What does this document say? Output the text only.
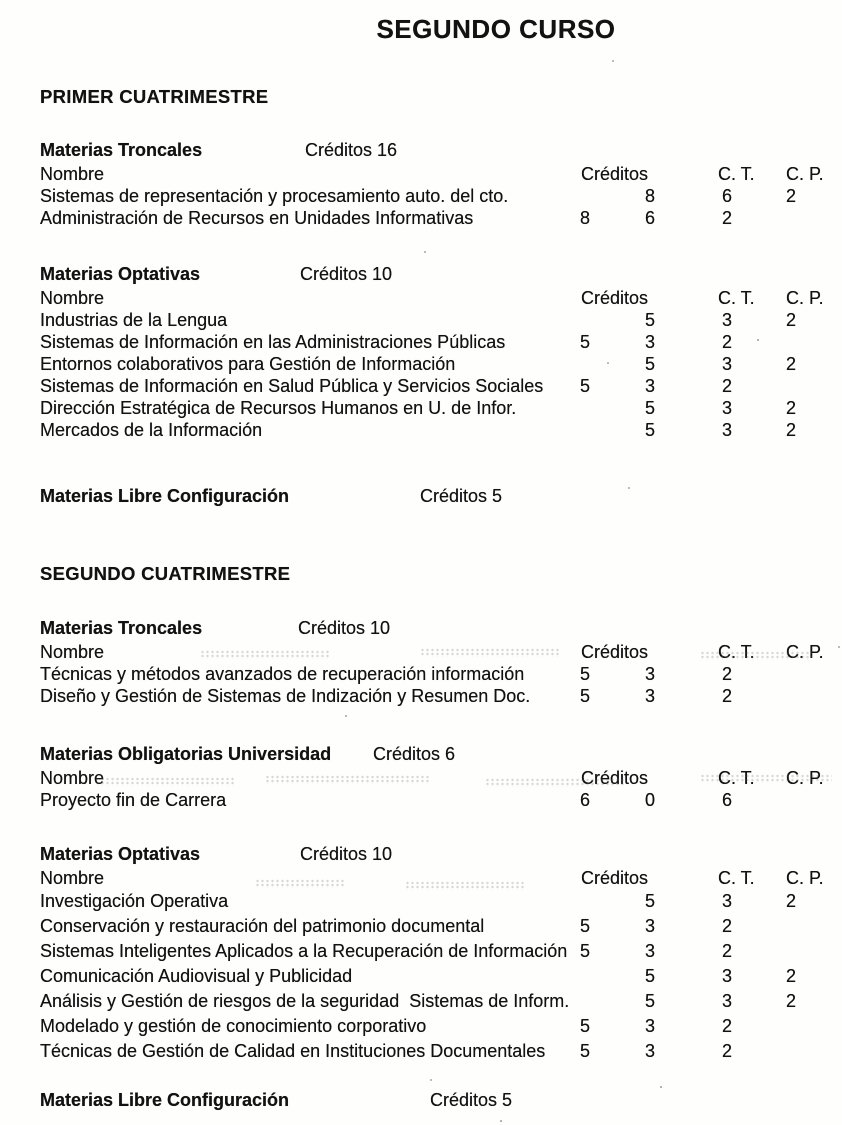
SEGUNDO CURSO
PRIMER CUATRIMESTRE
Materias Troncales	Créditos 16
Nombre	Créditos	C. T. C. P.
Sistemas de representación y procesamiento auto. del cto.	8	6	2
Administración de Recursos en Unidades Informativas	8	6	2
Materias Optativas	Créditos 10
Nombre	Créditos	C. T. C. P.
Industrias de la Lengua	5	3	2
Sistemas de Información en las Administraciones Públicas	5	3	2
Entornos colaborativos para Gestión de Información	5	3	2
Sistemas de Información en Salud Pública y Servicios Sociales 5	3	2
Dirección Estratégica de Recursos Humanos en U. de Infor.	5	3	2
Mercados de la Información	5	3	2
Materias Libre Configuración	Créditos 5
SEGUNDO CUATRIMESTRE
Materias Troncales	Créditos 10
Nombre	Créditos	C. T. C. P.
Técnicas y métodos avanzados de recuperación información	5	3	2
Diseño y Gestión de Sistemas de Indización y Resumen Doc.	5	3	2
Materias Obligatorias Universidad Créditos 6
Nombre	Créditos	C. T. C. P.
Proyecto fin de Carrera	6	0	6
Materias Optativas	Créditos 10
Nombre	Créditos	C. T. C. P.
Investigación Operativa	5	3	2
Conservación y restauración del patrimonio documental	5	3	2
Sistemas Inteligentes Aplicados a la Recuperación de Información 5	3	2
Comunicación Audiovisual y Publicidad	5	3	2
Análisis y Gestión de riesgos de la seguridad  Sistemas de Inform.	5	3	2
Modelado y gestión de conocimiento corporativo	5	3	2
Técnicas de Gestión de Calidad en Instituciones Documentales 5	3	2
Materias Libre Configuración	Créditos 5
